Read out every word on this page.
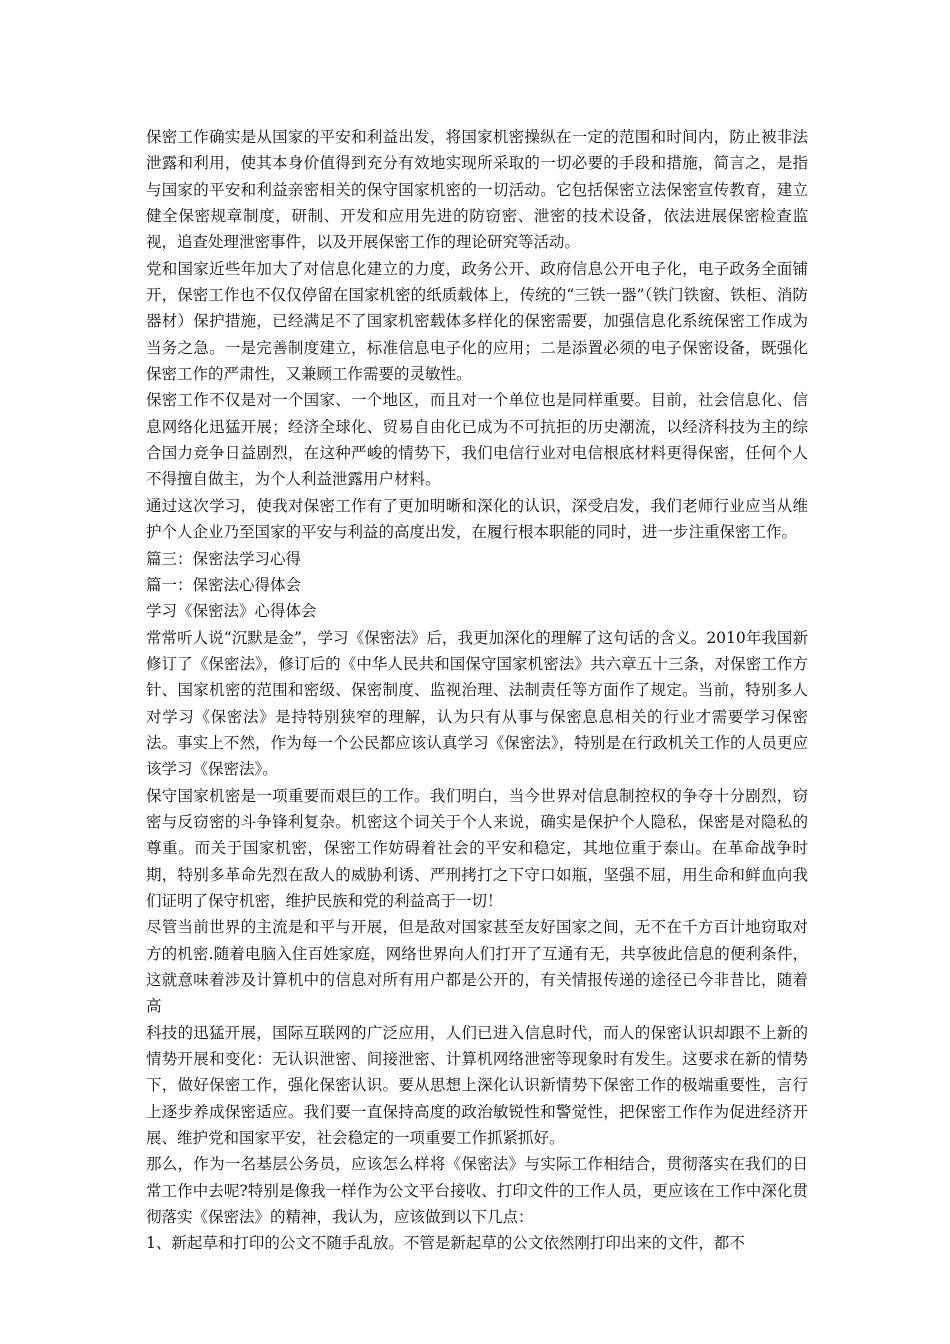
保密工作确实是从国家的平安和利益出发，将国家机密操纵在一定的范围和时间内，防止被非法泄露和利用，使其本身价值得到充分有效地实现所采取的一切必要的手段和措施，简言之，是指与国家的平安和利益亲密相关的保守国家机密的一切活动。它包括保密立法保密宣传教育，建立健全保密规章制度，研制、开发和应用先进的防窃密、泄密的技术设备，依法进展保密检查监视，追查处理泄密事件，以及开展保密工作的理论研究等活动。

党和国家近些年加大了对信息化建立的力度，政务公开、政府信息公开电子化，电子政务全面铺开，保密工作也不仅仅停留在国家机密的纸质载体上，传统的“三铁一器”（铁门铁窗、铁柜、消防器材）保护措施，已经满足不了国家机密载体多样化的保密需要，加强信息化系统保密工作成为当务之急。一是完善制度建立，标准信息电子化的应用；二是添置必须的电子保密设备，既强化保密工作的严肃性，又兼顾工作需要的灵敏性。

保密工作不仅是对一个国家、一个地区，而且对一个单位也是同样重要。目前，社会信息化、信息网络化迅猛开展；经济全球化、贸易自由化已成为不可抗拒的历史潮流，以经济科技为主的综合国力竞争日益剧烈，在这种严峻的情势下，我们电信行业对电信根底材料更得保密，任何个人不得擅自做主，为个人利益泄露用户材料。

通过这次学习，使我对保密工作有了更加明晰和深化的认识，深受启发，我们老师行业应当从维护个人企业乃至国家的平安与利益的高度出发，在履行根本职能的同时，进一步注重保密工作。

篇三：保密法学习心得

篇一：保密法心得体会

学习《保密法》心得体会

常常听人说“沉默是金”，学习《保密法》后，我更加深化的理解了这句话的含义。2010年我国新修订了《保密法》，修订后的《中华人民共和国保守国家机密法》共六章五十三条，对保密工作方针、国家机密的范围和密级、保密制度、监视治理、法制责任等方面作了规定。当前，特别多人对学习《保密法》是持特别狭窄的理解，认为只有从事与保密息息相关的行业才需要学习保密法。事实上不然，作为每一个公民都应该认真学习《保密法》，特别是在行政机关工作的人员更应该学习《保密法》。

保守国家机密是一项重要而艰巨的工作。我们明白，当今世界对信息制控权的争夺十分剧烈，窃密与反窃密的斗争锋利复杂。机密这个词关于个人来说，确实是保护个人隐私，保密是对隐私的尊重。而关于国家机密，保密工作妨碍着社会的平安和稳定，其地位重于泰山。在革命战争时期，特别多革命先烈在敌人的威胁利诱、严刑拷打之下守口如瓶，坚强不屈，用生命和鲜血向我们证明了保守机密，维护民族和党的利益高于一切！

尽管当前世界的主流是和平与开展，但是敌对国家甚至友好国家之间，无不在千方百计地窃取对方的机密.随着电脑入住百姓家庭，网络世界向人们打开了互通有无，共享彼此信息的便利条件，这就意味着涉及计算机中的信息对所有用户都是公开的，有关情报传递的途径已今非昔比，随着高

科技的迅猛开展，国际互联网的广泛应用，人们已进入信息时代，而人的保密认识却跟不上新的情势开展和变化：无认识泄密、间接泄密、计算机网络泄密等现象时有发生。这要求在新的情势下，做好保密工作，强化保密认识。要从思想上深化认识新情势下保密工作的极端重要性，言行上逐步养成保密适应。我们要一直保持高度的政治敏锐性和警觉性，把保密工作作为促进经济开展、维护党和国家平安，社会稳定的一项重要工作抓紧抓好。

那么，作为一名基层公务员，应该怎么样将《保密法》与实际工作相结合，贯彻落实在我们的日常工作中去呢?特别是像我一样作为公文平台接收、打印文件的工作人员，更应该在工作中深化贯彻落实《保密法》的精神，我认为，应该做到以下几点：

1、新起草和打印的公文不随手乱放。不管是新起草的公文依然刚打印出来的文件，都不
